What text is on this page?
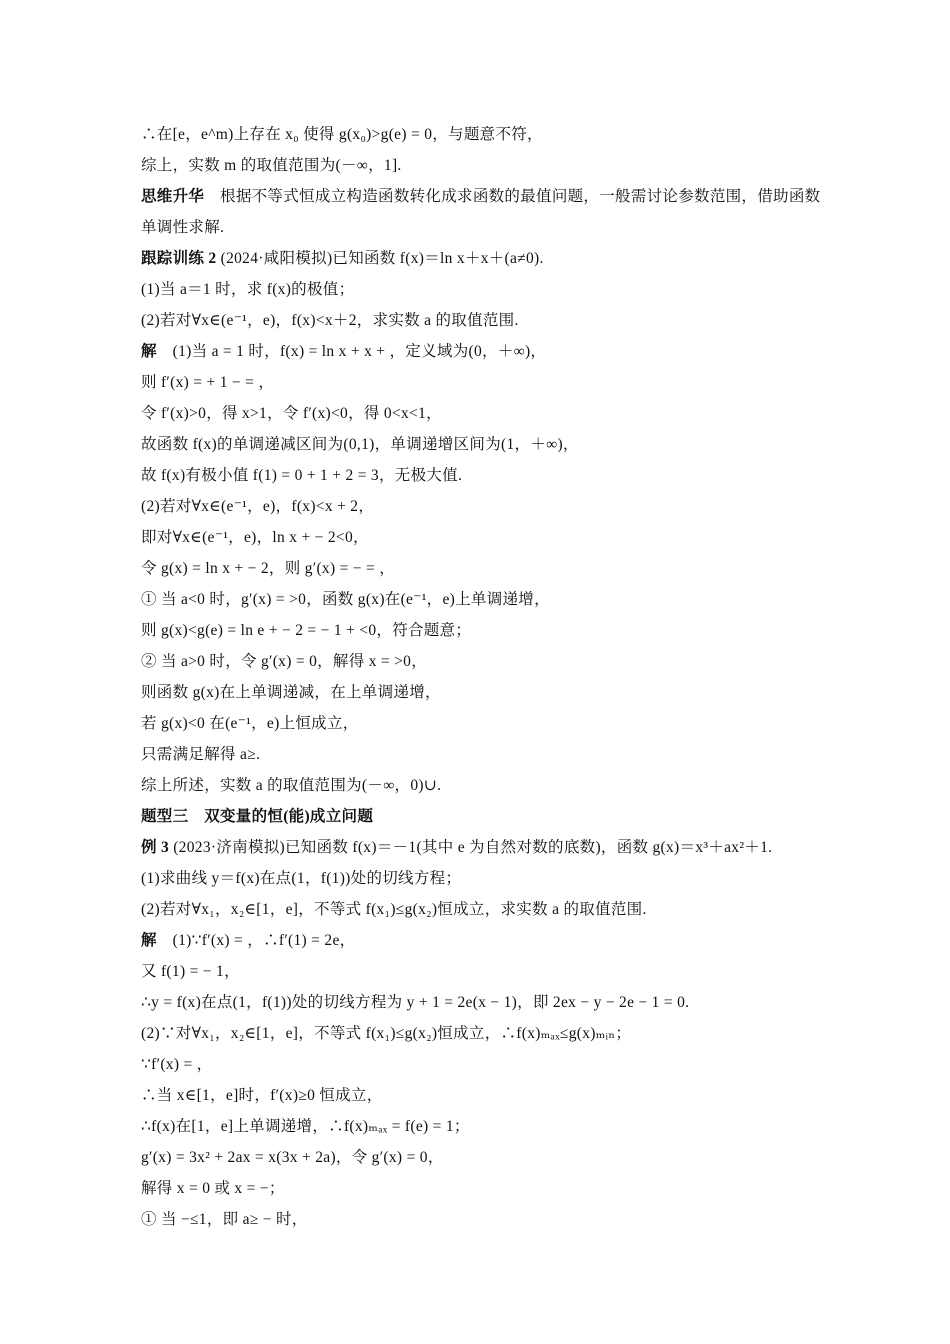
∴在[e，e^m)上存在 x₀ 使得 g(x₀)>g(e) = 0，与题意不符，
综上，实数 m 的取值范围为(－∞，1].
思维升华  根据不等式恒成立构造函数转化成求函数的最值问题，一般需讨论参数范围，借助函数单调性求解.
跟踪训练 2 (2024·咸阳模拟)已知函数 f(x)＝ln x＋x＋(a≠0).
(1)当 a＝1 时，求 f(x)的极值；
(2)若对∀x∈(e⁻¹，e)，f(x)<x＋2，求实数 a 的取值范围.
解  (1)当 a = 1 时，f(x) = ln x + x + ，定义域为(0，＋∞)，
则 f′(x) = + 1 − = ，
令 f′(x)>0，得 x>1，令 f′(x)<0，得 0<x<1，
故函数 f(x)的单调递减区间为(0,1)，单调递增区间为(1，＋∞)，
故 f(x)有极小值 f(1) = 0 + 1 + 2 = 3，无极大值.
(2)若对∀x∈(e⁻¹，e)，f(x)<x + 2，
即对∀x∈(e⁻¹，e)，ln x + − 2<0，
令 g(x) = ln x + − 2，则 g′(x) = − = ，
① 当 a<0 时，g′(x) = >0，函数 g(x)在(e⁻¹，e)上单调递增，
则 g(x)<g(e) = ln e + − 2 = − 1 + <0，符合题意；
② 当 a>0 时，令 g′(x) = 0，解得 x = >0，
则函数 g(x)在上单调递减，在上单调递增，
若 g(x)<0 在(e⁻¹，e)上恒成立，
只需满足解得 a≥.
综上所述，实数 a 的取值范围为(－∞，0)∪.
题型三　双变量的恒(能)成立问题
例 3 (2023·济南模拟)已知函数 f(x)＝－1(其中 e 为自然对数的底数)，函数 g(x)＝x³＋ax²＋1.
(1)求曲线 y＝f(x)在点(1，f(1))处的切线方程；
(2)若对∀x₁，x₂∈[1，e]，不等式 f(x₁)≤g(x₂)恒成立，求实数 a 的取值范围.
解  (1)∵f′(x) = ，∴f′(1) = 2e，
又 f(1) = − 1，
∴y = f(x)在点(1，f(1))处的切线方程为 y + 1 = 2e(x − 1)，即 2ex − y − 2e − 1 = 0.
(2)∵对∀x₁，x₂∈[1，e]，不等式 f(x₁)≤g(x₂)恒成立，∴f(x)ₘₐₓ≤g(x)ₘᵢₙ；
∵f′(x) = ，
∴当 x∈[1，e]时，f′(x)≥0 恒成立，
∴f(x)在[1，e]上单调递增，∴f(x)ₘₐₓ = f(e) = 1；
g′(x) = 3x² + 2ax = x(3x + 2a)，令 g′(x) = 0，
解得 x = 0 或 x = −；
① 当 −≤1，即 a≥ − 时，
